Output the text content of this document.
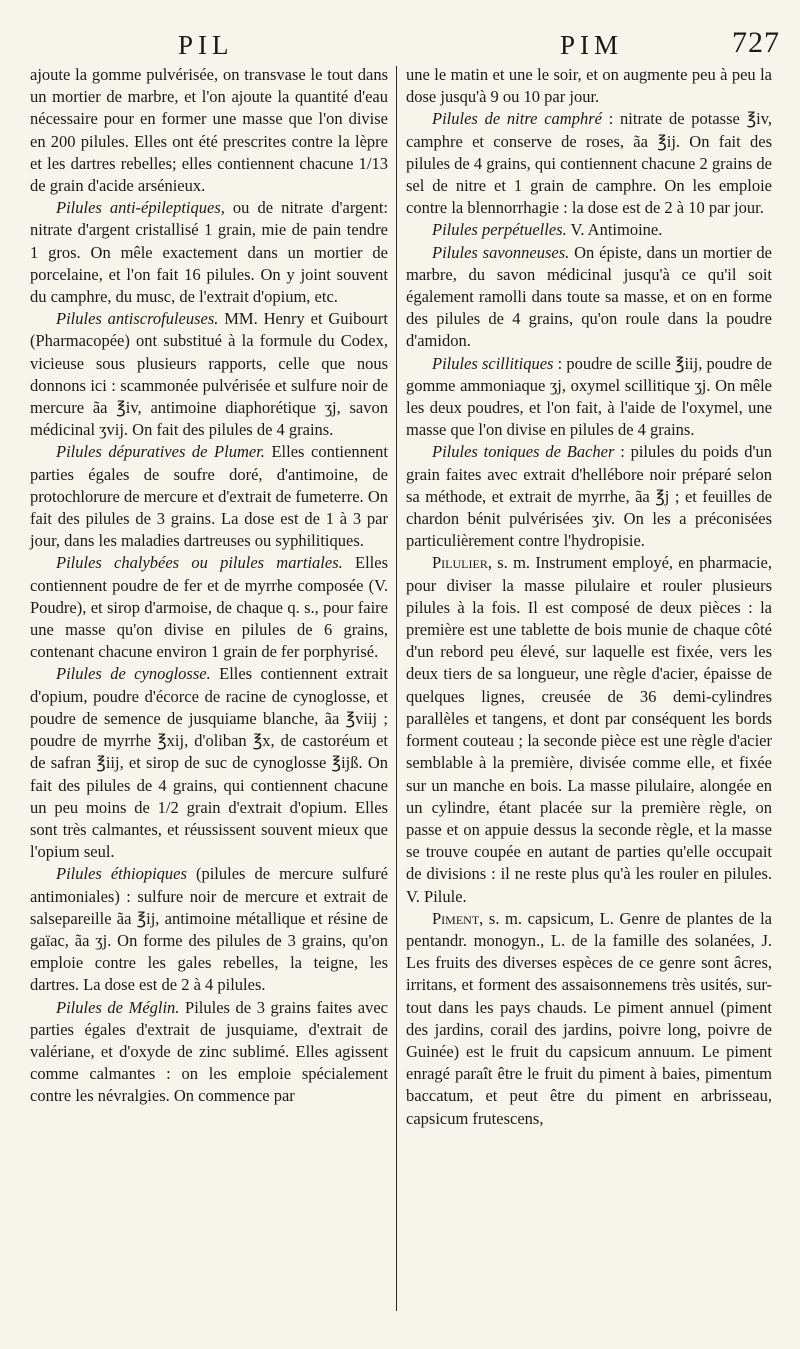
PIL	PIM	727

ajoute la gomme pulvérisée, on transvase le tout dans un mortier de marbre, et l'on ajoute la quantité d'eau nécessaire pour en former une masse que l'on divise en 200 pilules. Elles ont été prescrites contre la lèpre et les dartres rebelles; elles contiennent chacune 1/13 de grain d'acide arsénieux.

Pilules anti-épileptiques, ou de nitrate d'argent: nitrate d'argent cristallisé 1 grain, mie de pain tendre 1 gros. On mêle exactement dans un mortier de porcelaine, et l'on fait 16 pilules. On y joint souvent du camphre, du musc, de l'extrait d'opium, etc.

Pilules antiscrofuleuses. MM. Henry et Guibourt (Pharmacopée) ont substitué à la formule du Codex, vicieuse sous plusieurs rapports, celle que nous donnons ici : scammonée pulvérisée et sulfure noir de mercure ãa ℥iv, antimoine diaphorétique ʒj, savon médicinal ʒvij. On fait des pilules de 4 grains.

Pilules dépuratives de Plumer. Elles contiennent parties égales de soufre doré, d'antimoine, de protochlorure de mercure et d'extrait de fumeterre. On fait des pilules de 3 grains. La dose est de 1 à 3 par jour, dans les maladies dartreuses ou syphilitiques.

Pilules chalybées ou pilules martiales. Elles contiennent poudre de fer et de myrrhe composée (V. Poudre), et sirop d'armoise, de chaque q. s., pour faire une masse qu'on divise en pilules de 6 grains, contenant chacune environ 1 grain de fer porphyrisé.

Pilules de cynoglosse. Elles contiennent extrait d'opium, poudre d'écorce de racine de cynoglosse, et poudre de semence de jusquiame blanche, ãa ℥viij ; poudre de myrrhe ℥xij, d'oliban ℥x, de castoréum et de safran ℥iij, et sirop de suc de cynoglosse ℥ijß. On fait des pilules de 4 grains, qui contiennent chacune un peu moins de 1/2 grain d'extrait d'opium. Elles sont très calmantes, et réussissent souvent mieux que l'opium seul.

Pilules éthiopiques (pilules de mercure sulfuré antimoniales) : sulfure noir de mercure et extrait de salsepareille ãa ℥ij, antimoine métallique et résine de gaïac, ãa ʒj. On forme des pilules de 3 grains, qu'on emploie contre les gales rebelles, la teigne, les dartres. La dose est de 2 à 4 pilules.

Pilules de Méglin. Pilules de 3 grains faites avec parties égales d'extrait de jusquiame, d'extrait de valériane, et d'oxyde de zinc sublimé. Elles agissent comme calmantes : on les emploie spécialement contre les névralgies. On commence par

une le matin et une le soir, et on augmente peu à peu la dose jusqu'à 9 ou 10 par jour.

Pilules de nitre camphré : nitrate de potasse ℥iv, camphre et conserve de roses, ãa ℥ij. On fait des pilules de 4 grains, qui contiennent chacune 2 grains de sel de nitre et 1 grain de camphre. On les emploie contre la blennorrhagie : la dose est de 2 à 10 par jour.

Pilules perpétuelles. V. Antimoine.

Pilules savonneuses. On épiste, dans un mortier de marbre, du savon médicinal jusqu'à ce qu'il soit également ramolli dans toute sa masse, et on en forme des pilules de 4 grains, qu'on roule dans la poudre d'amidon.

Pilules scillitiques : poudre de scille ℥iij, poudre de gomme ammoniaque ʒj, oxymel scillitique ʒj. On mêle les deux poudres, et l'on fait, à l'aide de l'oxymel, une masse que l'on divise en pilules de 4 grains.

Pilules toniques de Bacher : pilules du poids d'un grain faites avec extrait d'hellébore noir préparé selon sa méthode, et extrait de myrrhe, ãa ℥j ; et feuilles de chardon bénit pulvérisées ʒiv. On les a préconisées particulièrement contre l'hydropisie.

Pilulier, s. m. Instrument employé, en pharmacie, pour diviser la masse pilulaire et rouler plusieurs pilules à la fois. Il est composé de deux pièces : la première est une tablette de bois munie de chaque côté d'un rebord peu élevé, sur laquelle est fixée, vers les deux tiers de sa longueur, une règle d'acier, épaisse de quelques lignes, creusée de 36 demi-cylindres parallèles et tangens, et dont par conséquent les bords forment couteau ; la seconde pièce est une règle d'acier semblable à la première, divisée comme elle, et fixée sur un manche en bois. La masse pilulaire, alongée en un cylindre, étant placée sur la première règle, on passe et on appuie dessus la seconde règle, et la masse se trouve coupée en autant de parties qu'elle occupait de divisions : il ne reste plus qu'à les rouler en pilules. V. Pilule.

Piment, s. m. capsicum, L. Genre de plantes de la pentandr. monogyn., L. de la famille des solanées, J. Les fruits des diverses espèces de ce genre sont âcres, irritans, et forment des assaisonnemens très usités, sur-tout dans les pays chauds. Le piment annuel (piment des jardins, corail des jardins, poivre long, poivre de Guinée) est le fruit du capsicum annuum. Le piment enragé paraît être le fruit du piment à baies, pimentum baccatum, et peut être du piment en arbrisseau, capsicum frutescens,
